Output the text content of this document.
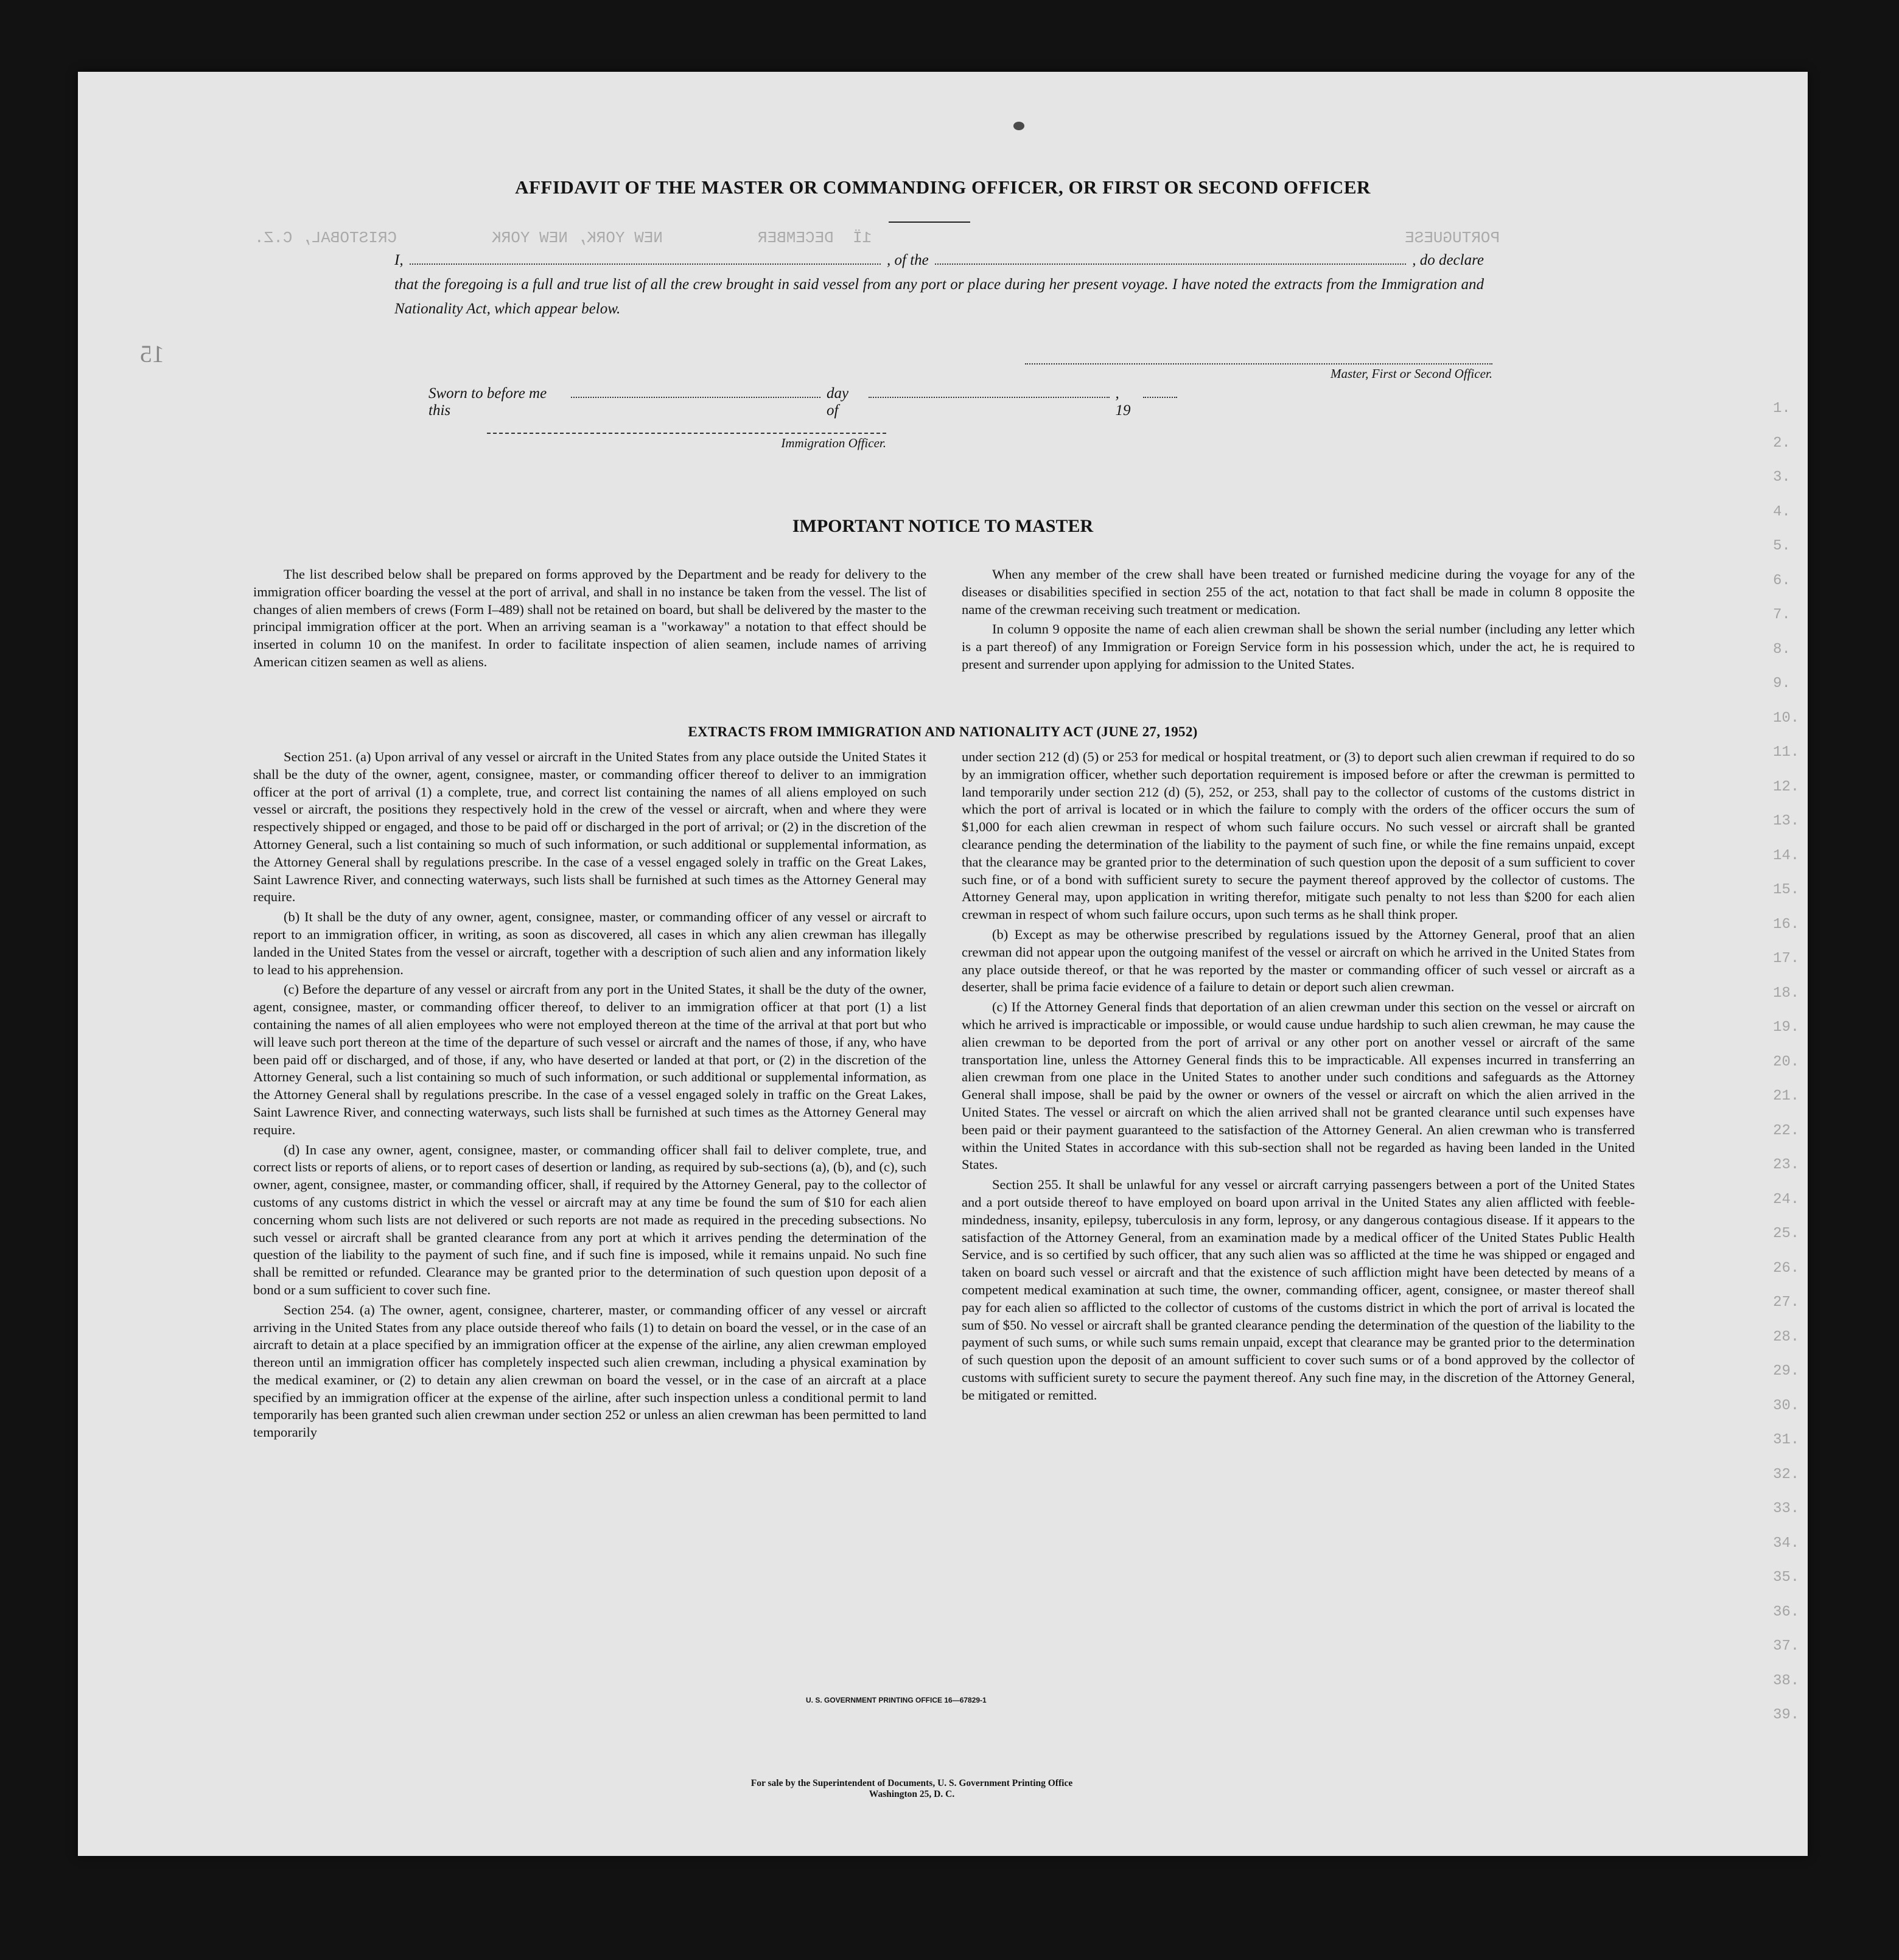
15
1Ї  DECEMBER          NEW YORK, NEW YORK          CRISTOBAL, C.Z.	PORTUGUESE
AFFIDAVIT OF THE MASTER OR COMMANDING OFFICER, OR FIRST OR SECOND OFFICER
I,	, of the	, do declare
that the foregoing is a full and true list of all the crew brought in said vessel from any port or place during her present voyage. I have noted the extracts from the Immigration and Nationality Act, which appear below.
Master, First or Second Officer.
Sworn to before me this
day of
, 19
Immigration Officer.
IMPORTANT NOTICE TO MASTER

The list described below shall be prepared on forms approved by the Department and be ready for delivery to the immigration officer boarding the vessel at the port of arrival, and shall in no instance be taken from the vessel. The list of changes of alien members of crews (Form I–489) shall not be retained on board, but shall be delivered by the master to the principal immigration officer at the port. When an arriving seaman is a "workaway" a notation to that effect should be inserted in column 10 on the manifest. In order to facilitate inspection of alien seamen, include names of arriving American citizen seamen as well as aliens.

When any member of the crew shall have been treated or furnished medicine during the voyage for any of the diseases or disabilities specified in section 255 of the act, notation to that fact shall be made in column 8 opposite the name of the crewman receiving such treatment or medication.

In column 9 opposite the name of each alien crewman shall be shown the serial number (including any letter which is a part thereof) of any Immigration or Foreign Service form in his possession which, under the act, he is required to present and surrender upon applying for admission to the United States.

EXTRACTS FROM IMMIGRATION AND NATIONALITY ACT (JUNE 27, 1952)

Section 251. (a) Upon arrival of any vessel or aircraft in the United States from any place outside the United States it shall be the duty of the owner, agent, consignee, master, or commanding officer thereof to deliver to an immigration officer at the port of arrival (1) a complete, true, and correct list containing the names of all aliens employed on such vessel or aircraft, the positions they respectively hold in the crew of the vessel or aircraft, when and where they were respectively shipped or engaged, and those to be paid off or discharged in the port of arrival; or (2) in the discretion of the Attorney General, such a list containing so much of such information, or such additional or supplemental information, as the Attorney General shall by regulations prescribe. In the case of a vessel engaged solely in traffic on the Great Lakes, Saint Lawrence River, and connecting waterways, such lists shall be furnished at such times as the Attorney General may require.

(b) It shall be the duty of any owner, agent, consignee, master, or commanding officer of any vessel or aircraft to report to an immigration officer, in writing, as soon as discovered, all cases in which any alien crewman has illegally landed in the United States from the vessel or aircraft, together with a description of such alien and any information likely to lead to his apprehension.

(c) Before the departure of any vessel or aircraft from any port in the United States, it shall be the duty of the owner, agent, consignee, master, or commanding officer thereof, to deliver to an immigration officer at that port (1) a list containing the names of all alien employees who were not employed thereon at the time of the arrival at that port but who will leave such port thereon at the time of the departure of such vessel or aircraft and the names of those, if any, who have been paid off or discharged, and of those, if any, who have deserted or landed at that port, or (2) in the discretion of the Attorney General, such a list containing so much of such information, or such additional or supplemental information, as the Attorney General shall by regulations prescribe. In the case of a vessel engaged solely in traffic on the Great Lakes, Saint Lawrence River, and connecting waterways, such lists shall be furnished at such times as the Attorney General may require.

(d) In case any owner, agent, consignee, master, or commanding officer shall fail to deliver complete, true, and correct lists or reports of aliens, or to report cases of desertion or landing, as required by sub-sections (a), (b), and (c), such owner, agent, consignee, master, or commanding officer, shall, if required by the Attorney General, pay to the collector of customs of any customs district in which the vessel or aircraft may at any time be found the sum of $10 for each alien concerning whom such lists are not delivered or such reports are not made as required in the preceding subsections. No such vessel or aircraft shall be granted clearance from any port at which it arrives pending the determination of the question of the liability to the payment of such fine, and if such fine is imposed, while it remains unpaid. No such fine shall be remitted or refunded. Clearance may be granted prior to the determination of such question upon deposit of a bond or a sum sufficient to cover such fine.

Section 254. (a) The owner, agent, consignee, charterer, master, or commanding officer of any vessel or aircraft arriving in the United States from any place outside thereof who fails (1) to detain on board the vessel, or in the case of an aircraft to detain at a place specified by an immigration officer at the expense of the airline, any alien crewman employed thereon until an immigration officer has completely inspected such alien crewman, including a physical examination by the medical examiner, or (2) to detain any alien crewman on board the vessel, or in the case of an aircraft at a place specified by an immigration officer at the expense of the airline, after such inspection unless a conditional permit to land temporarily has been granted such alien crewman under section 252 or unless an alien crewman has been permitted to land temporarily

under section 212 (d) (5) or 253 for medical or hospital treatment, or (3) to deport such alien crewman if required to do so by an immigration officer, whether such deportation requirement is imposed before or after the crewman is permitted to land temporarily under section 212 (d) (5), 252, or 253, shall pay to the collector of customs of the customs district in which the port of arrival is located or in which the failure to comply with the orders of the officer occurs the sum of $1,000 for each alien crewman in respect of whom such failure occurs. No such vessel or aircraft shall be granted clearance pending the determination of the liability to the payment of such fine, or while the fine remains unpaid, except that the clearance may be granted prior to the determination of such question upon the deposit of a sum sufficient to cover such fine, or of a bond with sufficient surety to secure the payment thereof approved by the collector of customs. The Attorney General may, upon application in writing therefor, mitigate such penalty to not less than $200 for each alien crewman in respect of whom such failure occurs, upon such terms as he shall think proper.

(b) Except as may be otherwise prescribed by regulations issued by the Attorney General, proof that an alien crewman did not appear upon the outgoing manifest of the vessel or aircraft on which he arrived in the United States from any place outside thereof, or that he was reported by the master or commanding officer of such vessel or aircraft as a deserter, shall be prima facie evidence of a failure to detain or deport such alien crewman.

(c) If the Attorney General finds that deportation of an alien crewman under this section on the vessel or aircraft on which he arrived is impracticable or impossible, or would cause undue hardship to such alien crewman, he may cause the alien crewman to be deported from the port of arrival or any other port on another vessel or aircraft of the same transportation line, unless the Attorney General finds this to be impracticable. All expenses incurred in transferring an alien crewman from one place in the United States to another under such conditions and safeguards as the Attorney General shall impose, shall be paid by the owner or owners of the vessel or aircraft on which the alien arrived in the United States. The vessel or aircraft on which the alien arrived shall not be granted clearance until such expenses have been paid or their payment guaranteed to the satisfaction of the Attorney General. An alien crewman who is transferred within the United States in accordance with this sub-section shall not be regarded as having been landed in the United States.

Section 255. It shall be unlawful for any vessel or aircraft carrying passengers between a port of the United States and a port outside thereof to have employed on board upon arrival in the United States any alien afflicted with feeble-mindedness, insanity, epilepsy, tuberculosis in any form, leprosy, or any dangerous contagious disease. If it appears to the satisfaction of the Attorney General, from an examination made by a medical officer of the United States Public Health Service, and is so certified by such officer, that any such alien was so afflicted at the time he was shipped or engaged and taken on board such vessel or aircraft and that the existence of such affliction might have been detected by means of a competent medical examination at such time, the owner, commanding officer, agent, consignee, or master thereof shall pay for each alien so afflicted to the collector of customs of the customs district in which the port of arrival is located the sum of $50. No vessel or aircraft shall be granted clearance pending the determination of the question of the liability to the payment of such sums, or while such sums remain unpaid, except that clearance may be granted prior to the determination of such question upon the deposit of an amount sufficient to cover such sums or of a bond approved by the collector of customs with sufficient surety to secure the payment thereof. Any such fine may, in the discretion of the Attorney General, be mitigated or remitted.

U. S. GOVERNMENT PRINTING OFFICE 16—67829-1
For sale by the Superintendent of Documents, U. S. Government Printing Office
Washington 25, D. C.
1.
2.
3.
4.
5.
6.
7.
8.
9.
10.
11.
12.
13.
14.
15.
16.
17.
18.
19.
20.
21.
22.
23.
24.
25.
26.
27.
28.
29.
30.
31.
32.
33.
34.
35.
36.
37.
38.
39.
